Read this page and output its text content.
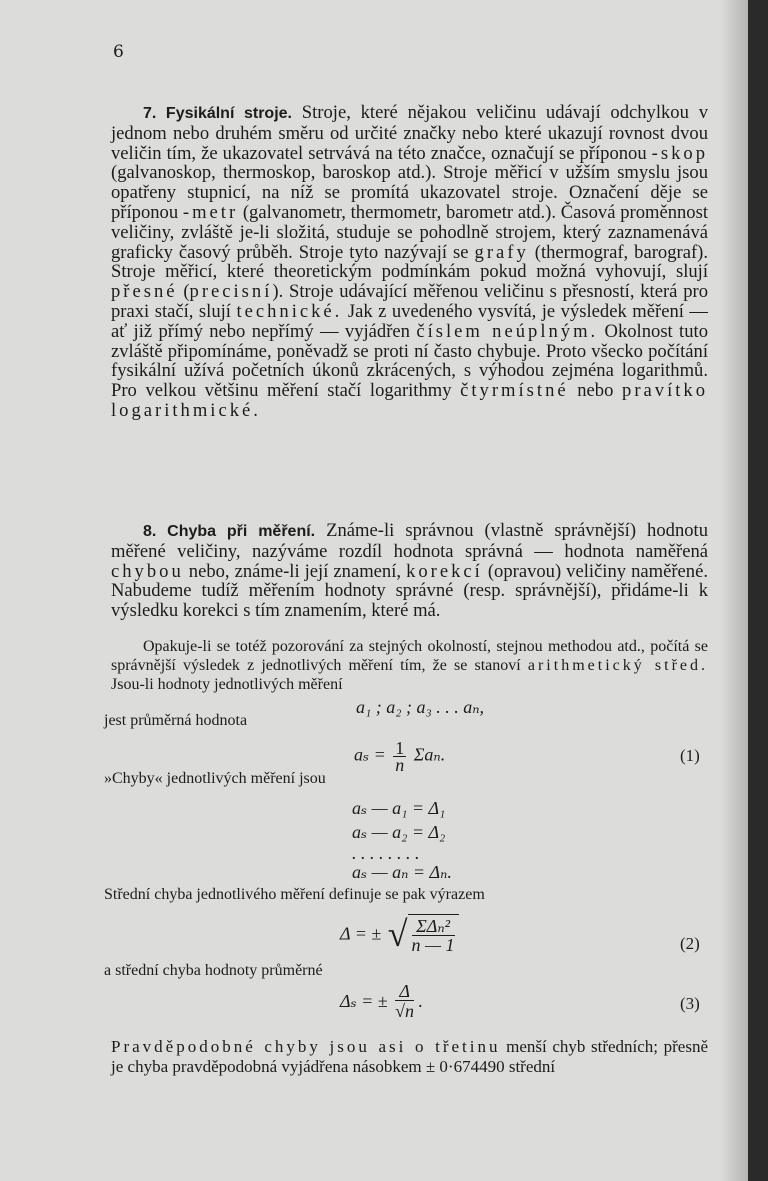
6

7. Fysikální stroje. Stroje, které nějakou veličinu udávají odchylkou v jednom nebo druhém směru od určité značky nebo které ukazují rovnost dvou veličin tím, že ukazovatel setrvává na této značce, označují se příponou -skop (galvanoskop, thermoskop, baroskop atd.). Stroje měřicí v užším smyslu jsou opatřeny stupnicí, na níž se promítá ukazovatel stroje. Označení děje se příponou -metr (galvanometr, thermometr, barometr atd.). Časová proměnnost veličiny, zvláště je-li složitá, studuje se pohodlně strojem, který zaznamenává graficky časový průběh. Stroje tyto nazývají se grafy (thermograf, barograf). Stroje měřicí, které theoretickým podmínkám pokud možná vyhovují, slují přesné (precisní). Stroje udávající měřenou veličinu s přesností, která pro praxi stačí, slují technické. Jak z uvedeného vysvítá, je výsledek měření — ať již přímý nebo nepřímý — vyjádřen číslem neúplným. Okolnost tuto zvláště připomínáme, poněvadž se proti ní často chybuje. Proto všecko počítání fysikální užívá početních úkonů zkrácených, s výhodou zejména logarithmů. Pro velkou většinu měření stačí logarithmy čtyrmístné nebo pravítko logarithmické.

8. Chyba při měření. Známe-li správnou (vlastně správnější) hodnotu měřené veličiny, nazýváme rozdíl hodnota správná — hodnota naměřená chybou nebo, známe-li její znamení, korekcí (opravou) veličiny naměřené. Nabudeme tudíž měřením hodnoty správné (resp. správnější), přidáme-li k výsledku korekci s tím znamením, které má.

Opakuje-li se totéž pozorování za stejných okolností, stejnou methodou atd., počítá se správnější výsledek z jednotlivých měření tím, že se stanoví arithmetický střed. Jsou-li hodnoty jednotlivých měření

a₁ ; a₂ ; a₃ . . . aₙ,
jest průměrná hodnota
$a_s = \frac{1}{n} \Sigma a_n$.	(1)
»Chyby« jednotlivých měření jsou
aₛ — a₁ = Δ₁
aₛ — a₂ = Δ₂
. . . . . . . .
aₛ — aₙ = Δₙ.
Střední chyba jednotlivého měření definuje se pak výrazem
Δ = ± √ ΣΔₙ²
n — 1	(2)
a střední chyba hodnoty průměrné
Δₛ = ± $\frac{\Delta}{√n}$ .	(3)

Pravděpodobné chyby jsou asi o třetinu menší chyb středních; přesně je chyba pravděpodobná vyjádřena násobkem ± 0·674490 střední
